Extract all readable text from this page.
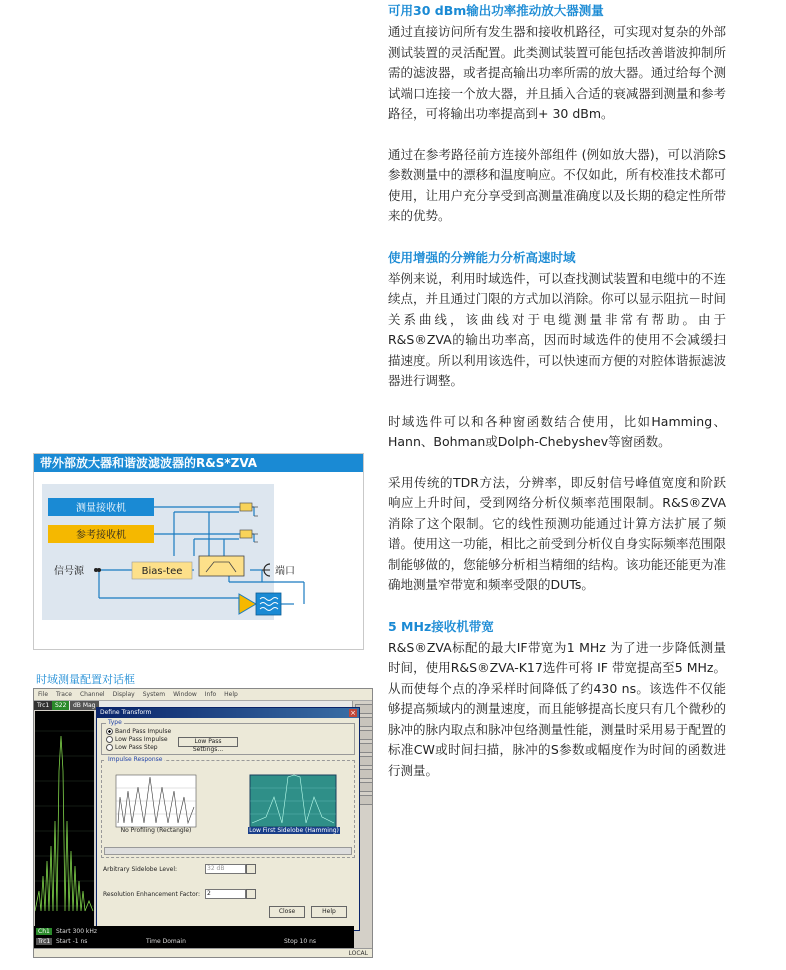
可用30 dBm输出功率推动放大器测量

通过直接访问所有发生器和接收机路径，可实现对复杂的外部测试装置的灵活配置。此类测试装置可能包括改善谐波抑制所需的滤波器，或者提高输出功率所需的放大器。通过给每个测试端口连接一个放大器，并且插入合适的衰减器到测量和参考路径，可将输出功率提高到+ 30 dBm。

通过在参考路径前方连接外部组件 (例如放大器)，可以消除S参数测量中的漂移和温度响应。不仅如此，所有校准技术都可使用，让用户充分享受到高测量准确度以及长期的稳定性所带来的优势。

使用增强的分辨能力分析高速时域

举例来说，利用时域选件，可以查找测试装置和电缆中的不连续点，并且通过门限的方式加以消除。你可以显示阻抗－时间关系曲线，该曲线对于电缆测量非常有帮助。由于R&S®ZVA的输出功率高，因而时域选件的使用不会减缓扫描速度。所以利用该选件，可以快速而方便的对腔体谐振滤波器进行调整。

时域选件可以和各种窗函数结合使用，比如Hamming、Hann、Bohman或Dolph-Chebyshev等窗函数。

采用传统的TDR方法，分辨率，即反射信号峰值宽度和阶跃响应上升时间，受到网络分析仪频率范围限制。R&S®ZVA消除了这个限制。它的线性预测功能通过计算方法扩展了频谱。使用这一功能，相比之前受到分析仪自身实际频率范围限制能够做的，您能够分析相当精细的结构。该功能还能更为准确地测量窄带宽和频率受限的DUTs。

5 MHz接收机带宽

R&S®ZVA标配的最大IF带宽为1 MHz 为了进一步降低测量时间，使用R&S®ZVA-K17选件可将 IF 带宽提高至5 MHz。从而使每个点的净采样时间降低了约430 ns。该选件不仅能够提高频域内的测量速度，而且能够提高长度只有几个微秒的脉冲的脉内取点和脉冲包络测量性能，测量时采用易于配置的标准CW或时间扫描，脉冲的S参数或幅度作为时间的函数进行测量。

带外部放大器和谐波滤波器的R&S*ZVA
测量接收机
参考接收机
信号源	Bias-tee	端口
时域测量配置对话框
File	Trace	Channel	Display	System	Window	Info	Help
Trc1 S22	dB Mag
Define Transform	×
Type
Band Pass Impulse
Low Pass Impulse
Low Pass Step
Low Pass Settings...
Impulse Response
No Profiling (Rectangle)	Low First Sidelobe (Hamming)
Arbitrary Sidelobe Level:	32 dB
Resolution Enhancement Factor:	2
Close	Help
Ch1
Trc1
Start 300 kHz
Start -1 ns	Time Domain	Stop 10 ns
LOCAL
